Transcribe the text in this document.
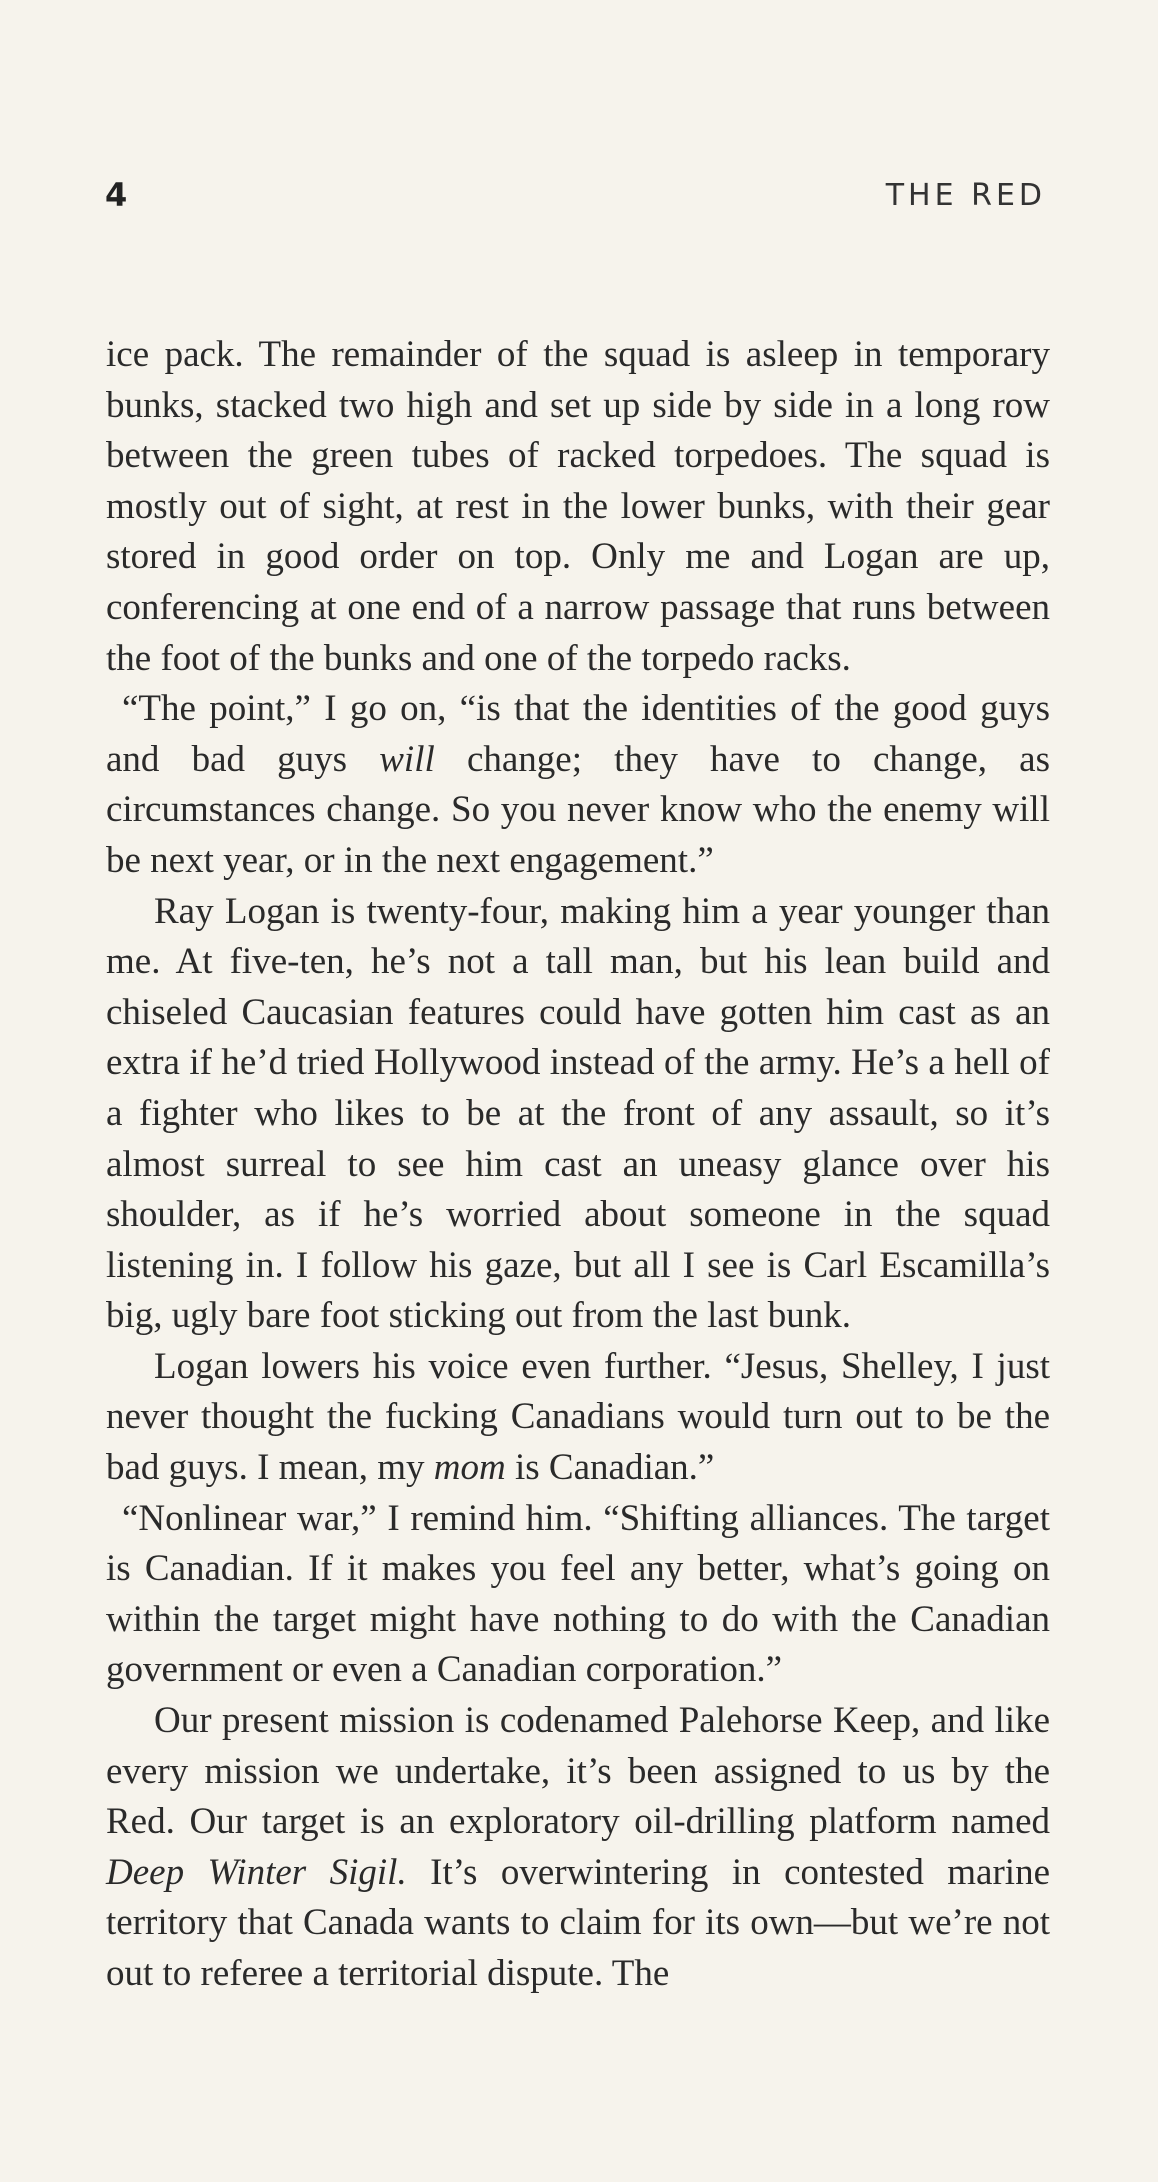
4	THE RED

ice pack. The remainder of the squad is asleep in temporary bunks, stacked two high and set up side by side in a long row between the green tubes of racked torpedoes. The squad is mostly out of sight, at rest in the lower bunks, with their gear stored in good order on top. Only me and Logan are up, conferencing at one end of a narrow passage that runs between the foot of the bunks and one of the torpedo racks.

“The point,” I go on, “is that the identities of the good guys and bad guys will change; they have to change, as circumstances change. So you never know who the enemy will be next year, or in the next engagement.”

Ray Logan is twenty-four, making him a year younger than me. At five-ten, he’s not a tall man, but his lean build and chiseled Caucasian features could have gotten him cast as an extra if he’d tried Hollywood instead of the army. He’s a hell of a fighter who likes to be at the front of any assault, so it’s almost surreal to see him cast an uneasy glance over his shoulder, as if he’s worried about someone in the squad listening in. I follow his gaze, but all I see is Carl Escamilla’s big, ugly bare foot sticking out from the last bunk.

Logan lowers his voice even further. “Jesus, Shelley, I just never thought the fucking Canadians would turn out to be the bad guys. I mean, my mom is Canadian.”

“Nonlinear war,” I remind him. “Shifting alliances. The target is Canadian. If it makes you feel any better, what’s going on within the target might have nothing to do with the Canadian government or even a Canadian corporation.”

Our present mission is codenamed Palehorse Keep, and like every mission we undertake, it’s been assigned to us by the Red. Our target is an exploratory oil-drilling platform named Deep Winter Sigil. It’s overwintering in contested marine territory that Canada wants to claim for its own—but we’re not out to referee a territorial dispute. The
